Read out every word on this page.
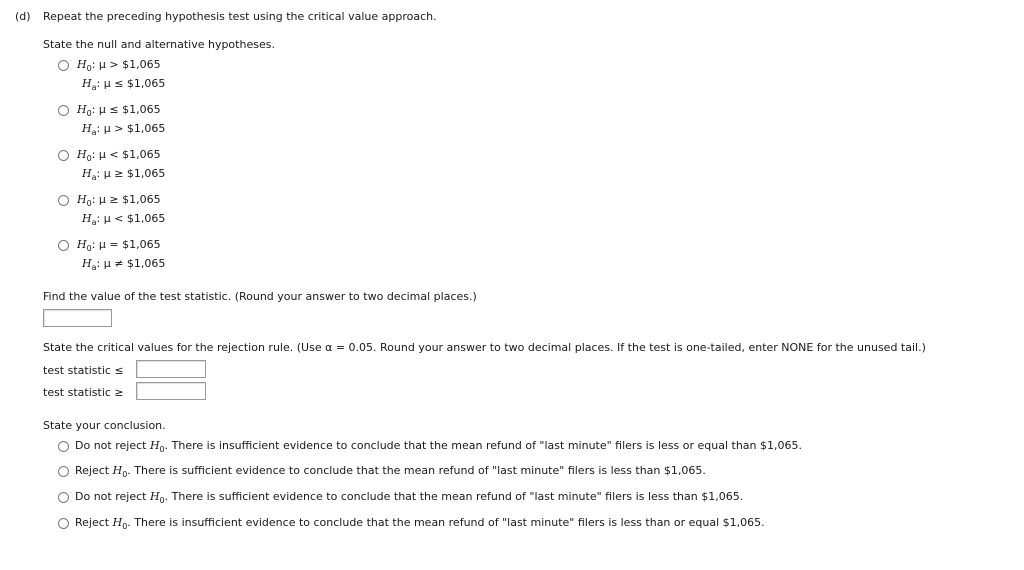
(d) Repeat the preceding hypothesis test using the critical value approach.
State the null and alternative hypotheses.
$H_0$: μ > $1,065
$H_a$: μ ≤ $1,065
$H_0$: μ ≤ $1,065
$H_a$: μ > $1,065
$H_0$: μ < $1,065
$H_a$: μ ≥ $1,065
$H_0$: μ ≥ $1,065
$H_a$: μ < $1,065
$H_0$: μ = $1,065
$H_a$: μ ≠ $1,065
Find the value of the test statistic. (Round your answer to two decimal places.)
State the critical values for the rejection rule. (Use α = 0.05. Round your answer to two decimal places. If the test is one-tailed, enter NONE for the unused tail.)
test statistic ≤
test statistic ≥
State your conclusion.
Do not reject $H_0$. There is insufficient evidence to conclude that the mean refund of "last minute" filers is less or equal than $1,065.
Reject $H_0$. There is sufficient evidence to conclude that the mean refund of "last minute" filers is less than $1,065.
Do not reject $H_0$. There is sufficient evidence to conclude that the mean refund of "last minute" filers is less than $1,065.
Reject $H_0$. There is insufficient evidence to conclude that the mean refund of "last minute" filers is less than or equal $1,065.
